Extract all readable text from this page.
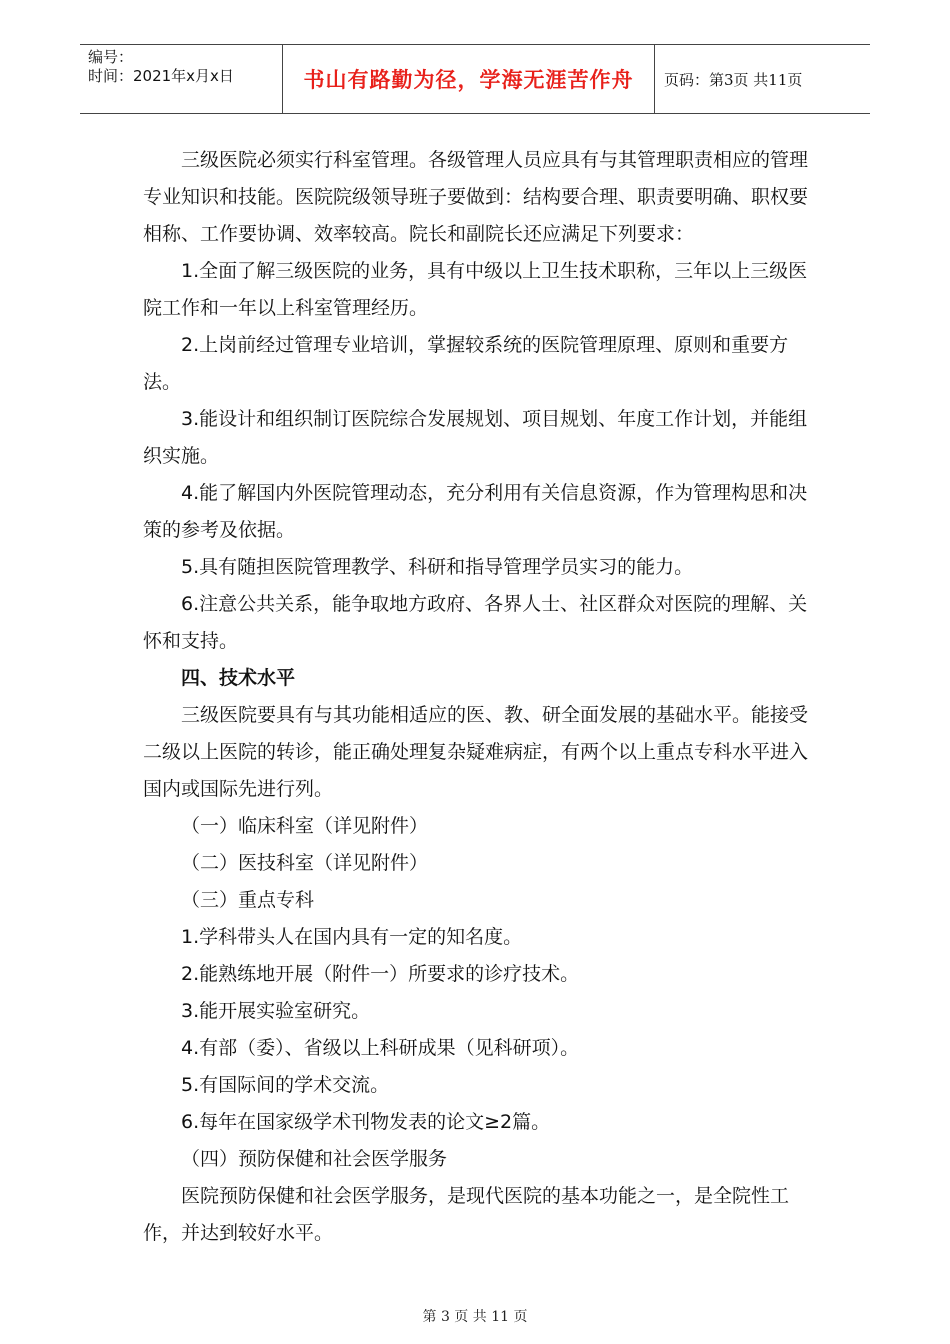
编号：
时间：2021年x月x日	书山有路勤为径，学海无涯苦作舟	页码：第3页 共11页

三级医院必须实行科室管理。各级管理人员应具有与其管理职责相应的管理专业知识和技能。医院院级领导班子要做到：结构要合理、职责要明确、职权要相称、工作要协调、效率较高。院长和副院长还应满足下列要求：

1.全面了解三级医院的业务，具有中级以上卫生技术职称，三年以上三级医院工作和一年以上科室管理经历。

2.上岗前经过管理专业培训，掌握较系统的医院管理原理、原则和重要方法。

3.能设计和组织制订医院综合发展规划、项目规划、年度工作计划，并能组织实施。

4.能了解国内外医院管理动态，充分利用有关信息资源，作为管理构思和决策的参考及依据。

5.具有随担医院管理教学、科研和指导管理学员实习的能力。

6.注意公共关系，能争取地方政府、各界人士、社区群众对医院的理解、关怀和支持。

四、技术水平

三级医院要具有与其功能相适应的医、教、研全面发展的基础水平。能接受二级以上医院的转诊，能正确处理复杂疑难病症，有两个以上重点专科水平进入国内或国际先进行列。

（一）临床科室（详见附件）

（二）医技科室（详见附件）

（三）重点专科

1.学科带头人在国内具有一定的知名度。

2.能熟练地开展（附件一）所要求的诊疗技术。

3.能开展实验室研究。

4.有部（委）、省级以上科研成果（见科研项）。

5.有国际间的学术交流。

6.每年在国家级学术刊物发表的论文≥2篇。

（四）预防保健和社会医学服务

医院预防保健和社会医学服务，是现代医院的基本功能之一，是全院性工作，并达到较好水平。

第 3 页 共 11 页
